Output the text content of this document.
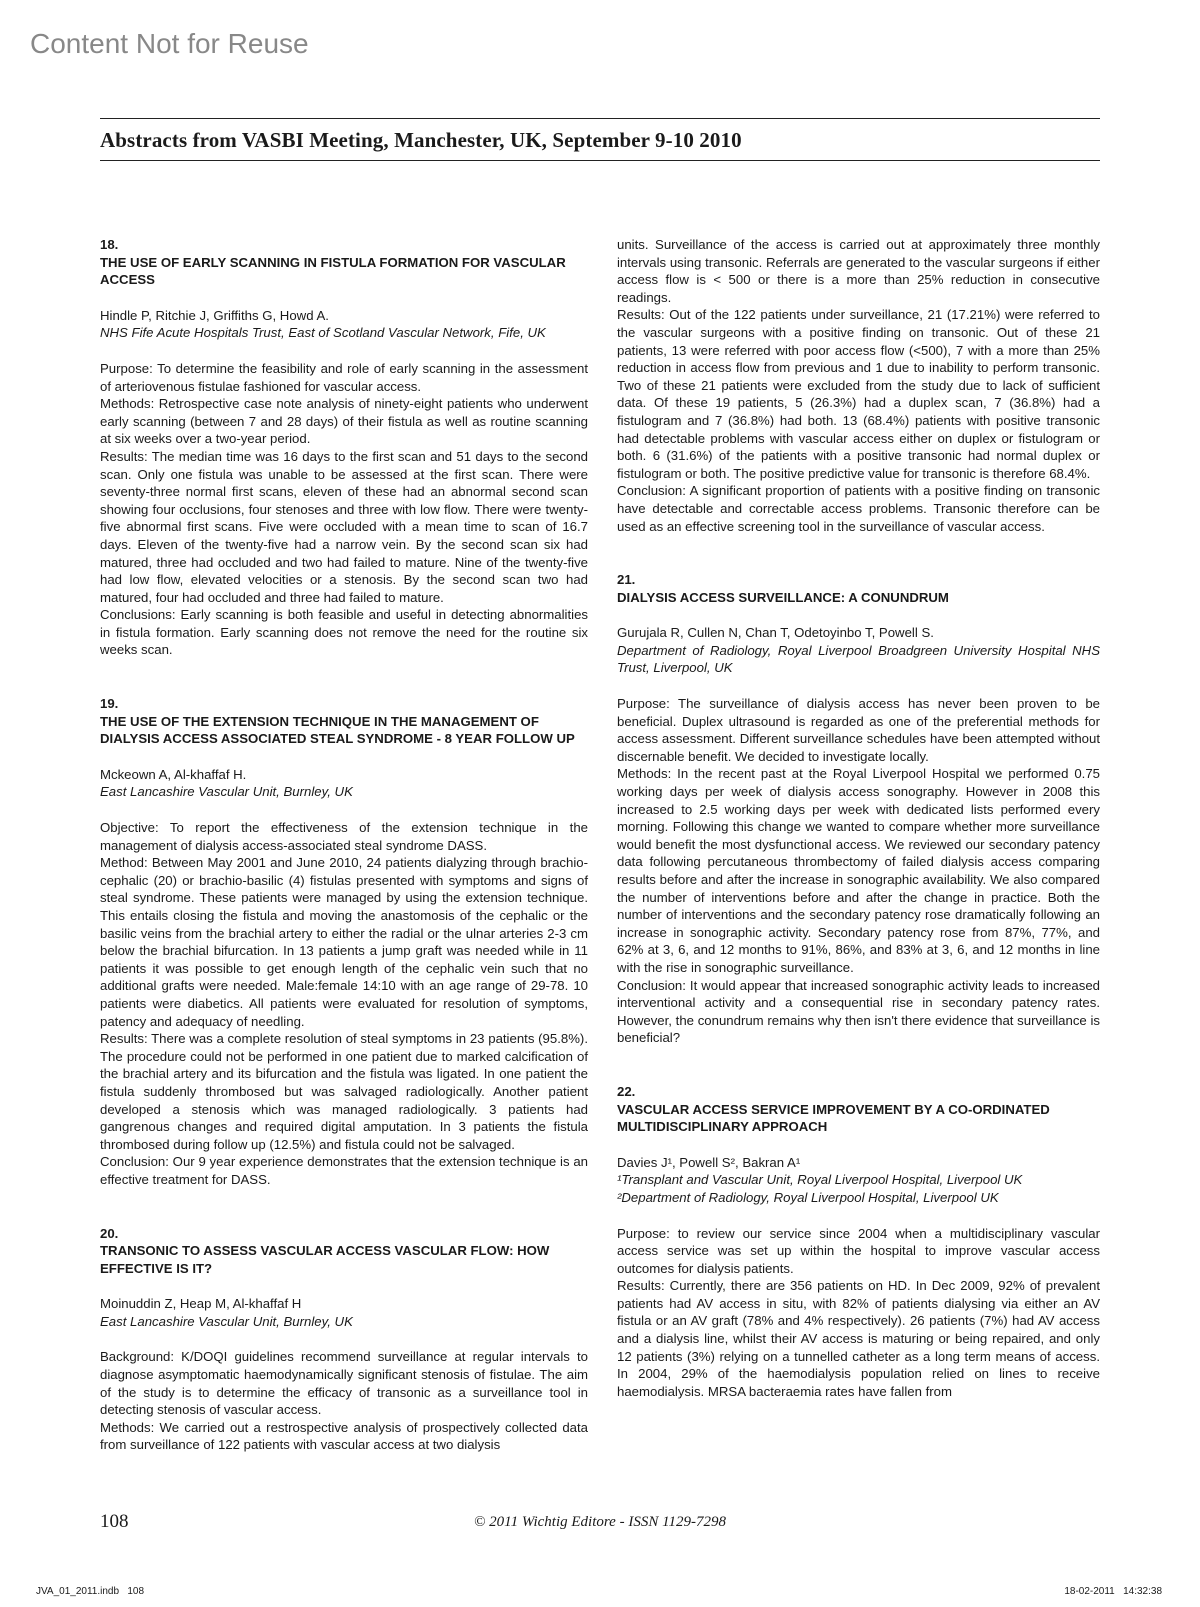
Content Not for Reuse
Abstracts from VASBI Meeting, Manchester, UK, September 9-10 2010
18.
THE USE OF EARLY SCANNING IN FISTULA FORMATION FOR VASCULAR ACCESS
Hindle P, Ritchie J, Griffiths G, Howd A.
NHS Fife Acute Hospitals Trust, East of Scotland Vascular Network, Fife, UK

Purpose: To determine the feasibility and role of early scanning in the assessment of arteriovenous fistulae fashioned for vascular access.

Methods: Retrospective case note analysis of ninety-eight patients who underwent early scanning (between 7 and 28 days) of their fistula as well as routine scanning at six weeks over a two-year period.

Results: The median time was 16 days to the first scan and 51 days to the second scan. Only one fistula was unable to be assessed at the first scan. There were seventy-three normal first scans, eleven of these had an abnormal second scan showing four occlusions, four stenoses and three with low flow. There were twenty-five abnormal first scans. Five were occluded with a mean time to scan of 16.7 days. Eleven of the twenty-five had a narrow vein. By the second scan six had matured, three had occluded and two had failed to mature. Nine of the twenty-five had low flow, elevated velocities or a stenosis. By the second scan two had matured, four had occluded and three had failed to mature.

Conclusions: Early scanning is both feasible and useful in detecting abnormalities in fistula formation. Early scanning does not remove the need for the routine six weeks scan.

19.
THE USE OF THE EXTENSION TECHNIQUE IN THE MANAGEMENT OF DIALYSIS ACCESS ASSOCIATED STEAL SYNDROME - 8 YEAR FOLLOW UP
Mckeown A, Al-khaffaf H.
East Lancashire Vascular Unit, Burnley, UK

Objective: To report the effectiveness of the extension technique in the management of dialysis access-associated steal syndrome DASS.

Method: Between May 2001 and June 2010, 24 patients dialyzing through brachio-cephalic (20) or brachio-basilic (4) fistulas presented with symptoms and signs of steal syndrome. These patients were managed by using the extension technique. This entails closing the fistula and moving the anastomosis of the cephalic or the basilic veins from the brachial artery to either the radial or the ulnar arteries 2-3 cm below the brachial bifurcation. In 13 patients a jump graft was needed while in 11 patients it was possible to get enough length of the cephalic vein such that no additional grafts were needed. Male:female 14:10 with an age range of 29-78. 10 patients were diabetics. All patients were evaluated for resolution of symptoms, patency and adequacy of needling.

Results: There was a complete resolution of steal symptoms in 23 patients (95.8%). The procedure could not be performed in one patient due to marked calcification of the brachial artery and its bifurcation and the fistula was ligated. In one patient the fistula suddenly thrombosed but was salvaged radiologically. Another patient developed a stenosis which was managed radiologically. 3 patients had gangrenous changes and required digital amputation. In 3 patients the fistula thrombosed during follow up (12.5%) and fistula could not be salvaged.

Conclusion: Our 9 year experience demonstrates that the extension technique is an effective treatment for DASS.

20.
TRANSONIC TO ASSESS VASCULAR ACCESS VASCULAR FLOW: HOW EFFECTIVE IS IT?
Moinuddin Z, Heap M, Al-khaffaf H
East Lancashire Vascular Unit, Burnley, UK

Background: K/DOQI guidelines recommend surveillance at regular intervals to diagnose asymptomatic haemodynamically significant stenosis of fistulae. The aim of the study is to determine the efficacy of transonic as a surveillance tool in detecting stenosis of vascular access.

Methods: We carried out a restrospective analysis of prospectively collected data from surveillance of 122 patients with vascular access at two dialysis

units. Surveillance of the access is carried out at approximately three monthly intervals using transonic. Referrals are generated to the vascular surgeons if either access flow is < 500 or there is a more than 25% reduction in consecutive readings.

Results: Out of the 122 patients under surveillance, 21 (17.21%) were referred to the vascular surgeons with a positive finding on transonic. Out of these 21 patients, 13 were referred with poor access flow (<500), 7 with a more than 25% reduction in access flow from previous and 1 due to inability to perform transonic. Two of these 21 patients were excluded from the study due to lack of sufficient data. Of these 19 patients, 5 (26.3%) had a duplex scan, 7 (36.8%) had a fistulogram and 7 (36.8%) had both. 13 (68.4%) patients with positive transonic had detectable problems with vascular access either on duplex or fistulogram or both. 6 (31.6%) of the patients with a positive transonic had normal duplex or fistulogram or both. The positive predictive value for transonic is therefore 68.4%.

Conclusion: A significant proportion of patients with a positive finding on transonic have detectable and correctable access problems. Transonic therefore can be used as an effective screening tool in the surveillance of vascular access.

21.
DIALYSIS ACCESS SURVEILLANCE: A CONUNDRUM
Gurujala R, Cullen N, Chan T, Odetoyinbo T, Powell S.
Department of Radiology, Royal Liverpool Broadgreen University Hospital NHS Trust, Liverpool, UK

Purpose: The surveillance of dialysis access has never been proven to be beneficial. Duplex ultrasound is regarded as one of the preferential methods for access assessment. Different surveillance schedules have been attempted without discernable benefit. We decided to investigate locally.

Methods: In the recent past at the Royal Liverpool Hospital we performed 0.75 working days per week of dialysis access sonography. However in 2008 this increased to 2.5 working days per week with dedicated lists performed every morning. Following this change we wanted to compare whether more surveillance would benefit the most dysfunctional access. We reviewed our secondary patency data following percutaneous thrombectomy of failed dialysis access comparing results before and after the increase in sonographic availability. We also compared the number of interventions before and after the change in practice. Both the number of interventions and the secondary patency rose dramatically following an increase in sonographic activity. Secondary patency rose from 87%, 77%, and 62% at 3, 6, and 12 months to 91%, 86%, and 83% at 3, 6, and 12 months in line with the rise in sonographic surveillance.

Conclusion: It would appear that increased sonographic activity leads to increased interventional activity and a consequential rise in secondary patency rates. However, the conundrum remains why then isn't there evidence that surveillance is beneficial?

22.
VASCULAR ACCESS SERVICE IMPROVEMENT BY A CO-ORDINATED MULTIDISCIPLINARY APPROACH
Davies J¹, Powell S², Bakran A¹
¹Transplant and Vascular Unit, Royal Liverpool Hospital, Liverpool UK
²Department of Radiology, Royal Liverpool Hospital, Liverpool UK

Purpose: to review our service since 2004 when a multidisciplinary vascular access service was set up within the hospital to improve vascular access outcomes for dialysis patients.

Results: Currently, there are 356 patients on HD. In Dec 2009, 92% of prevalent patients had AV access in situ, with 82% of patients dialysing via either an AV fistula or an AV graft (78% and 4% respectively). 26 patients (7%) had AV access and a dialysis line, whilst their AV access is maturing or being repaired, and only 12 patients (3%) relying on a tunnelled catheter as a long term means of access. In 2004, 29% of the haemodialysis population relied on lines to receive haemodialysis. MRSA bacteraemia rates have fallen from

108	© 2011 Wichtig Editore - ISSN 1129-7298
JVA_01_2011.indb   108	18-02-2011   14:32:38
